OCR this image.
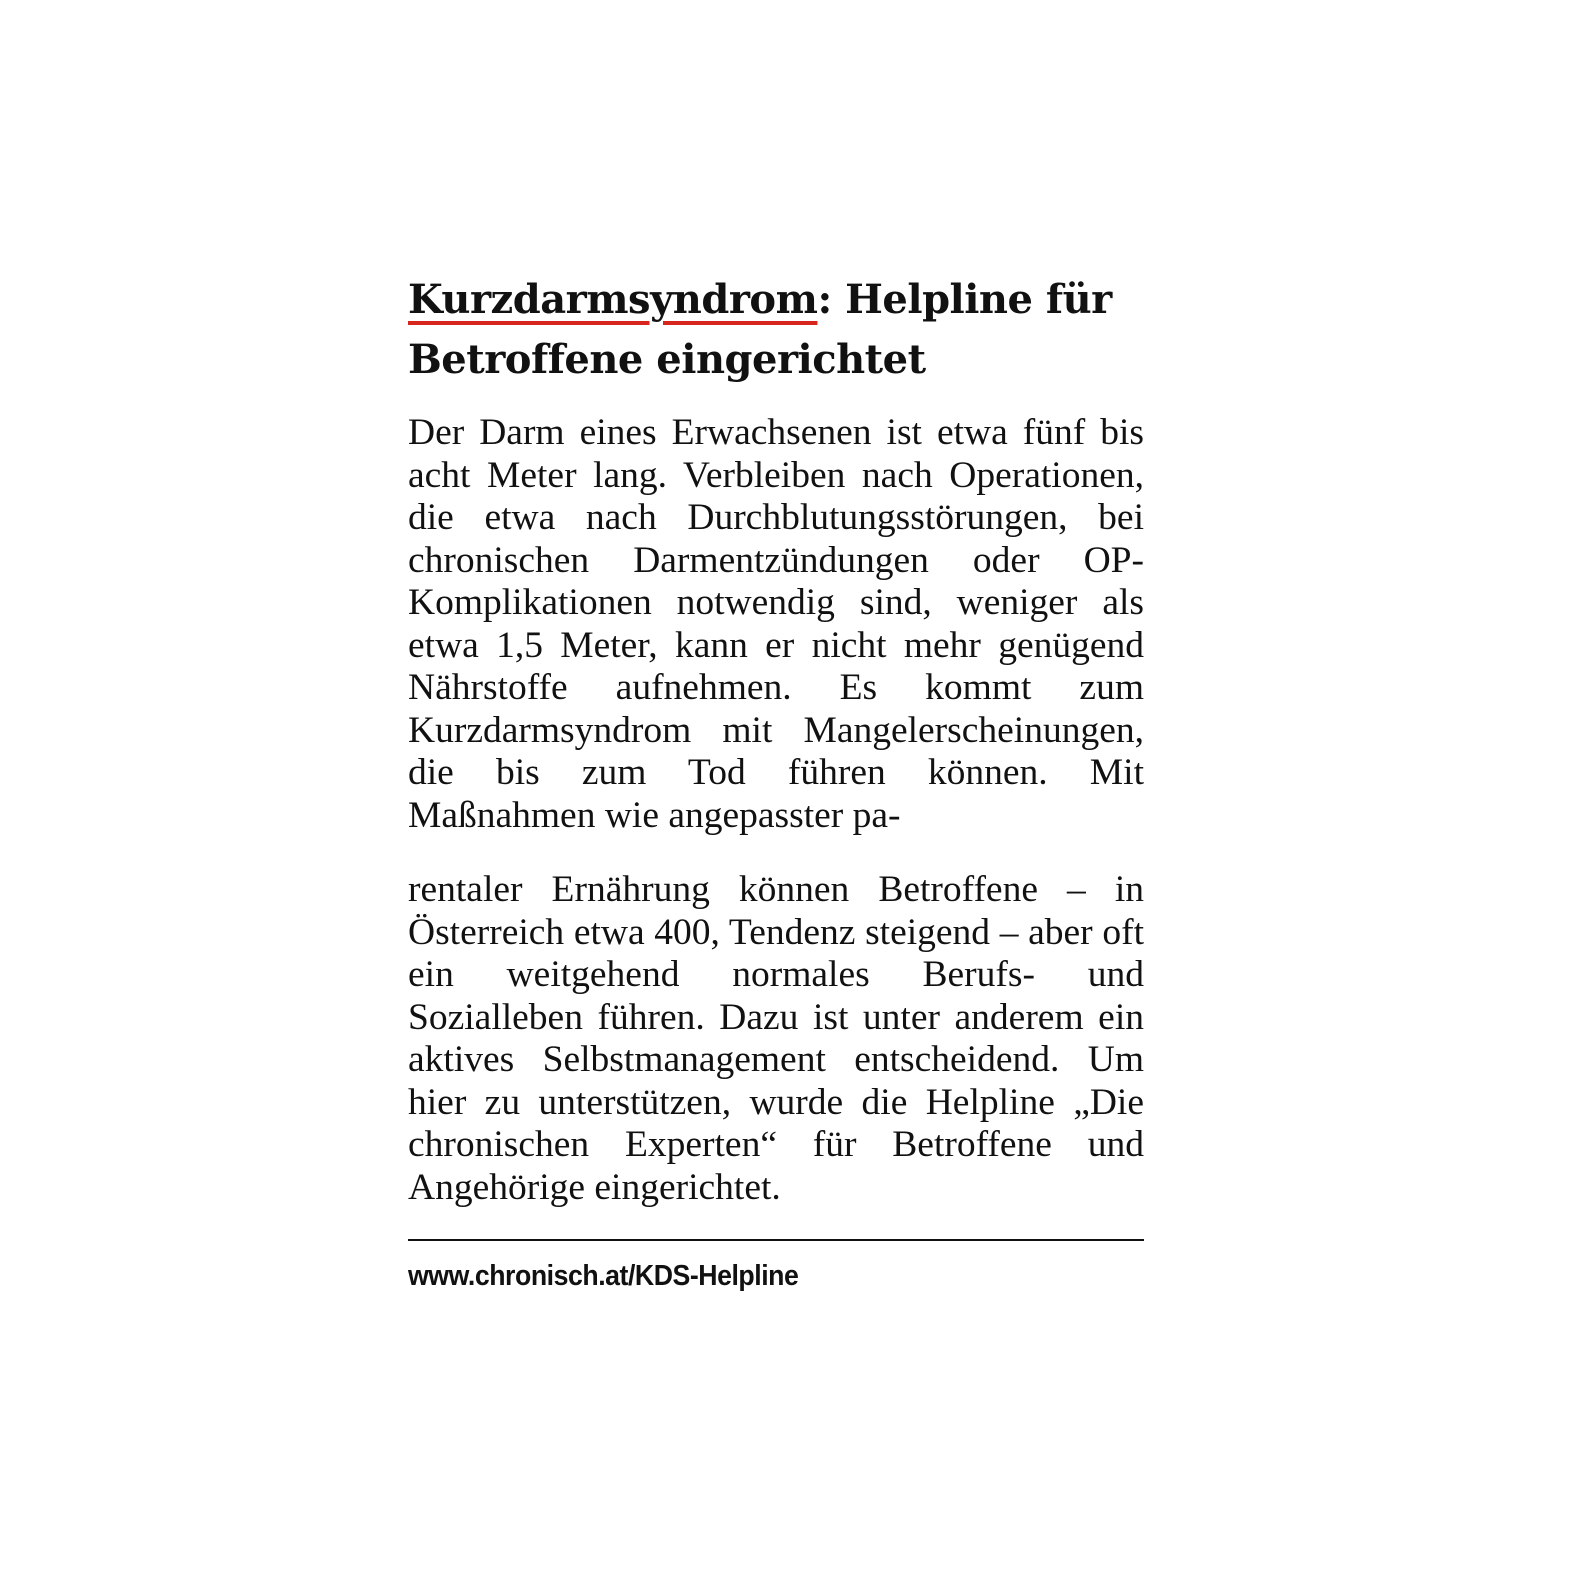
Kurzdarmsyndrom: Helpline für Betroffene eingerichtet

Der Darm eines Erwachsenen ist etwa fünf bis acht Meter lang. Verbleiben nach Operationen, die etwa nach Durchblutungsstörungen, bei chronischen Darmentzündungen oder OP-Komplikationen notwendig sind, weniger als etwa 1,5 Meter, kann er nicht mehr genügend Nährstoffe aufnehmen. Es kommt zum Kurzdarmsyndrom mit Mangelerscheinungen, die bis zum Tod führen können. Mit Maßnahmen wie angepasster pa-

rentaler Ernährung können Betroffene – in Österreich etwa 400, Tendenz steigend – aber oft ein weitgehend normales Berufs- und Sozialleben führen. Dazu ist unter anderem ein aktives Selbstmanagement entscheidend. Um hier zu unterstützen, wurde die Helpline „Die chronischen Experten“ für Betroffene und Angehörige eingerichtet.

www.chronisch.at/KDS-Helpline
